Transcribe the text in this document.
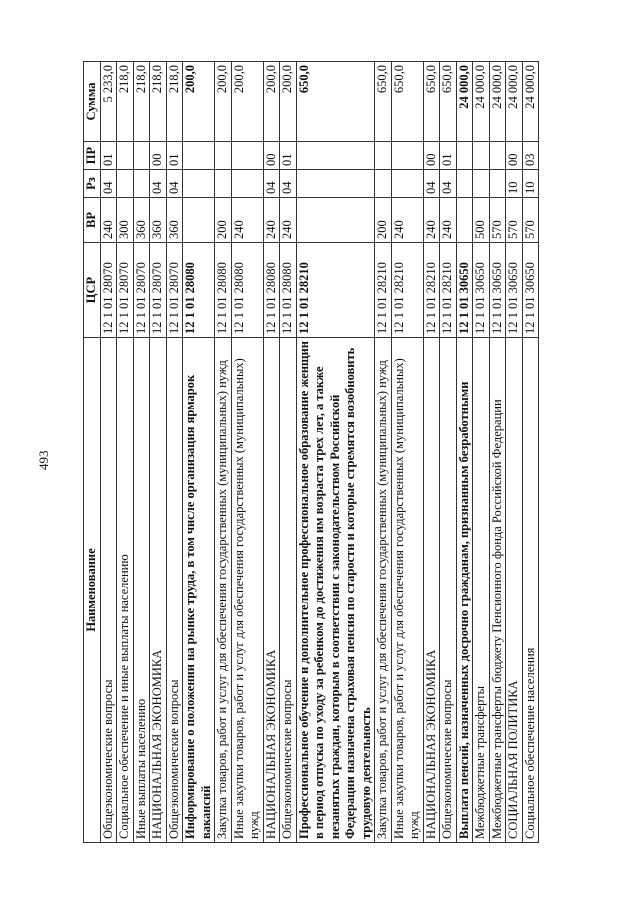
493
Наименование	ЦСР	ВР	Рз	ПР	Сумма
Общеэкономические вопросы	12 1 01 28070	240	04	01	5 233,0
Социальное обеспечение и иные выплаты населению	12 1 01 28070	300			218,0
Иные выплаты населению	12 1 01 28070	360			218,0
НАЦИОНАЛЬНАЯ ЭКОНОМИКА	12 1 01 28070	360	04	00	218,0
Общеэкономические вопросы	12 1 01 28070	360	04	01	218,0
Информирование о положении на рынке труда, в том числе организация ярмарок вакансий	12 1 01 28080				200,0
Закупка товаров, работ и услуг для обеспечения государственных (муниципальных) нужд	12 1 01 28080	200			200,0
Иные закупки товаров, работ и услуг для обеспечения государственных (муниципальных) нужд	12 1 01 28080	240			200,0
НАЦИОНАЛЬНАЯ ЭКОНОМИКА	12 1 01 28080	240	04	00	200,0
Общеэкономические вопросы	12 1 01 28080	240	04	01	200,0
Профессиональное обучение и дополнительное профессиональное образование женщин в период отпуска по уходу за ребенком до достижения им возраста трех лет, а также незанятых граждан, которым в соответствии с законодательством Российской Федерации назначена страховая пенсия по старости и которые стремятся возобновить трудовую деятельность	12 1 01 28210				650,0
Закупка товаров, работ и услуг для обеспечения государственных (муниципальных) нужд	12 1 01 28210	200			650,0
Иные закупки товаров, работ и услуг для обеспечения государственных (муниципальных) нужд	12 1 01 28210	240			650,0
НАЦИОНАЛЬНАЯ ЭКОНОМИКА	12 1 01 28210	240	04	00	650,0
Общеэкономические вопросы	12 1 01 28210	240	04	01	650,0
Выплата пенсий, назначенных досрочно гражданам, признанным безработными	12 1 01 30650				24 000,0
Межбюджетные трансферты	12 1 01 30650	500			24 000,0
Межбюджетные трансферты бюджету Пенсионного фонда Российской Федерации	12 1 01 30650	570			24 000,0
СОЦИАЛЬНАЯ ПОЛИТИКА	12 1 01 30650	570	10	00	24 000,0
Социальное обеспечение населения	12 1 01 30650	570	10	03	24 000,0
